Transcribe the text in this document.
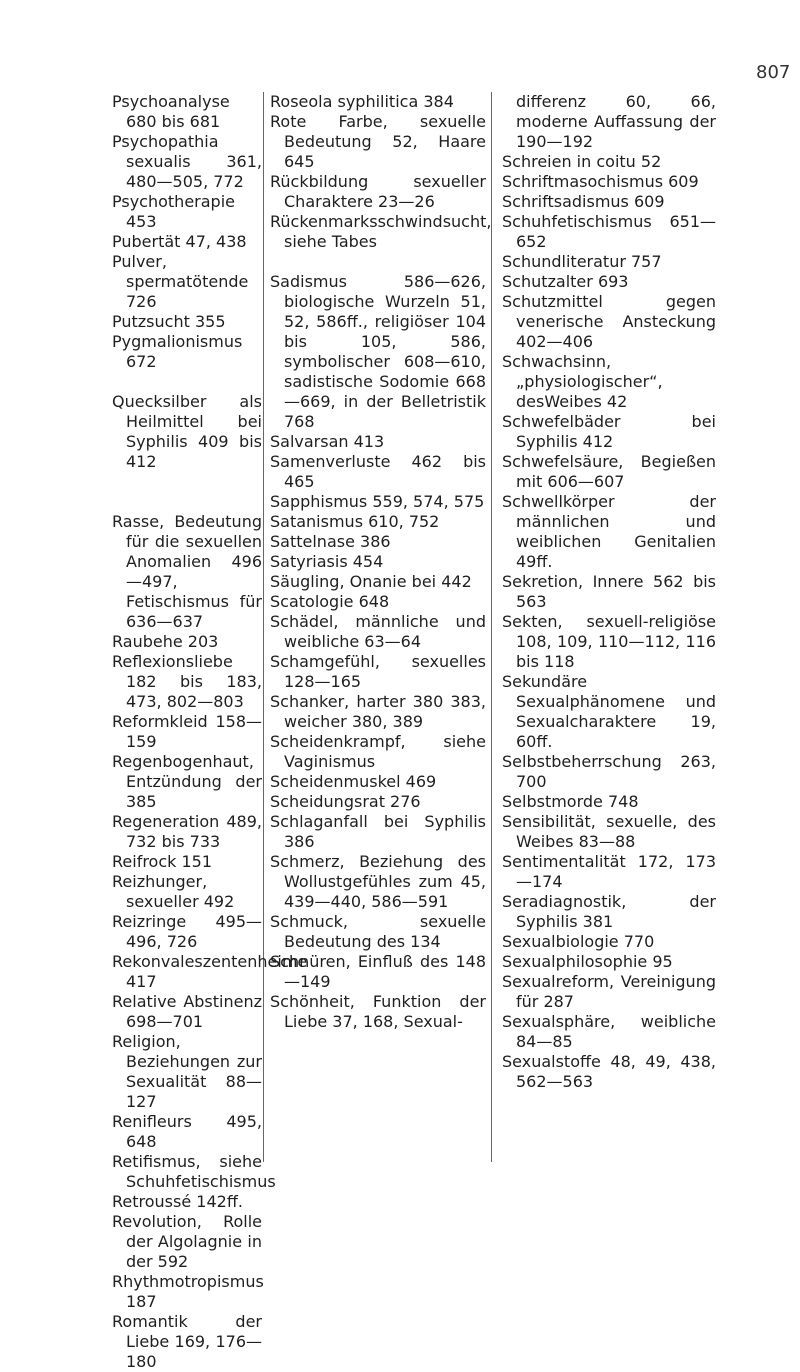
807

Psychoanalyse 680 bis 681

Psychopathia sexualis 361, 480—505, 772

Psychotherapie 453

Pubertät 47, 438

Pulver, spermatötende 726

Putzsucht 355

Pygmalionismus 672

Quecksilber als Heilmittel bei Syphilis 409 bis 412

Rasse, Bedeutung für die sexuellen Anomalien 496—497, Fetischismus für 636—637

Raubehe 203

Reflexionsliebe 182 bis 183, 473, 802—803

Reformkleid 158—159

Regenbogenhaut, Entzündung der 385

Regeneration 489, 732 bis 733

Reifrock 151

Reizhunger, sexueller 492

Reizringe 495—496, 726

Rekonvaleszentenheime 417

Relative Abstinenz 698—701

Religion, Beziehungen zur Sexualität 88—127

Renifleurs 495, 648

Retifismus, siehe Schuhfetischismus

Retroussé 142ff.

Revolution, Rolle der Algolagnie in der 592

Rhythmotropismus 187

Romantik der Liebe 169, 176—180

Roseola syphilitica 384

Rote Farbe, sexuelle Bedeutung 52, Haare 645

Rückbildung sexueller Charaktere 23—26

Rückenmarksschwindsucht, siehe Tabes

Sadismus 586—626, biologische Wurzeln 51, 52, 586ff., religiöser 104 bis 105, 586, symbolischer 608—610, sadistische Sodomie 668—669, in der Belletristik 768

Salvarsan 413

Samenverluste 462 bis 465

Sapphismus 559, 574, 575

Satanismus 610, 752

Sattelnase 386

Satyriasis 454

Säugling, Onanie bei 442

Scatologie 648

Schädel, männliche und weibliche 63—64

Schamgefühl, sexuelles 128—165

Schanker, harter 380 383, weicher 380, 389

Scheidenkrampf, siehe Vaginismus

Scheidenmuskel 469

Scheidungsrat 276

Schlaganfall bei Syphilis 386

Schmerz, Beziehung des Wollustgefühles zum 45, 439—440, 586—591

Schmuck, sexuelle Bedeutung des 134

Schnüren, Einfluß des 148—149

Schönheit, Funktion der Liebe 37, 168, Sexual-

differenz 60, 66, moderne Auffassung der 190—192

Schreien in coitu 52

Schriftmasochismus 609

Schriftsadismus 609

Schuhfetischismus 651—652

Schundliteratur 757

Schutzalter 693

Schutzmittel gegen venerische Ansteckung 402—406

Schwachsinn, „physiologischer“, desWeibes 42

Schwefelbäder bei Syphilis 412

Schwefelsäure, Begießen mit 606—607

Schwellkörper der männlichen und weiblichen Genitalien 49ff.

Sekretion, Innere 562 bis 563

Sekten, sexuell-religiöse 108, 109, 110—112, 116 bis 118

Sekundäre Sexualphänomene und Sexualcharaktere 19, 60ff.

Selbstbeherrschung 263, 700

Selbstmorde 748

Sensibilität, sexuelle, des Weibes 83—88

Sentimentalität 172, 173—174

Seradiagnostik, der Syphilis 381

Sexualbiologie 770

Sexualphilosophie 95

Sexualreform, Vereinigung für 287

Sexualsphäre, weibliche 84—85

Sexualstoffe 48, 49, 438, 562—563
